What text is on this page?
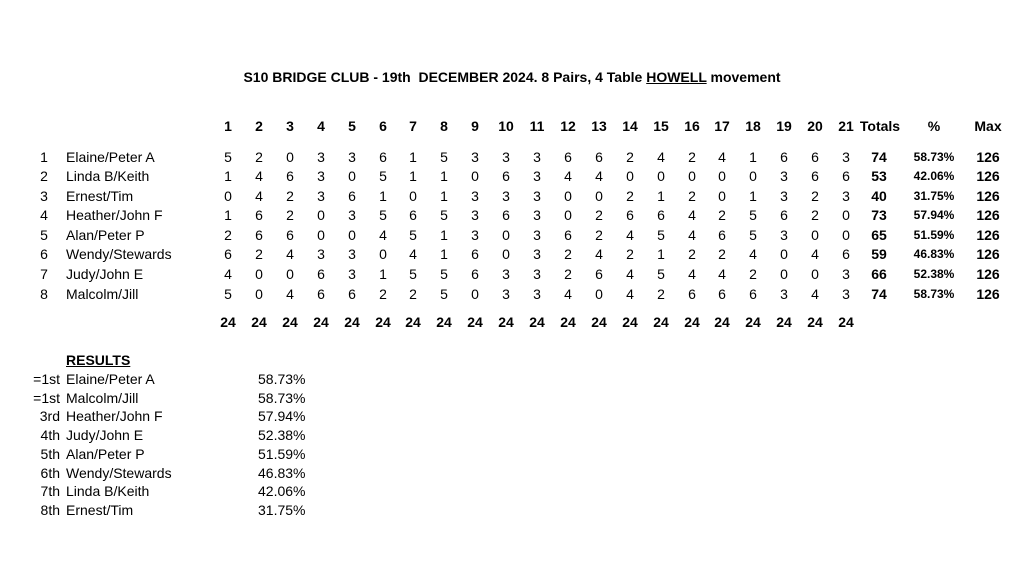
S10 BRIDGE CLUB - 19th  DECEMBER 2024. 8 Pairs, 4 Table HOWELL movement
1	2	3	4	5	6	7	8	9	10	11	12	13	14	15	16	17	18	19	20	21 Totals	%	Max
1	Elaine/Peter A	5	2	0	3	3	6	1	5	3	3	3	6	6	2	4	2	4	1	6	6	3	74	58.73%	126
2	Linda B/Keith	1	4	6	3	0	5	1	1	0	6	3	4	4	0	0	0	0	0	3	6	6	53	42.06%	126
3	Ernest/Tim	0	4	2	3	6	1	0	1	3	3	3	0	0	2	1	2	0	1	3	2	3	40	31.75%	126
4	Heather/John F	1	6	2	0	3	5	6	5	3	6	3	0	2	6	6	4	2	5	6	2	0	73	57.94%	126
5	Alan/Peter P	2	6	6	0	0	4	5	1	3	0	3	6	2	4	5	4	6	5	3	0	0	65	51.59%	126
6	Wendy/Stewards	6	2	4	3	3	0	4	1	6	0	3	2	4	2	1	2	2	4	0	4	6	59	46.83%	126
7	Judy/John E	4	0	0	6	3	1	5	5	6	3	3	2	6	4	5	4	4	2	0	0	3	66	52.38%	126
8	Malcolm/Jill	5	0	4	6	6	2	2	5	0	3	3	4	0	4	2	6	6	6	3	4	3	74	58.73%	126
24	24	24	24	24	24	24	24	24	24	24	24	24	24	24	24	24	24	24	24	24
RESULTS
=1st Elaine/Peter A	58.73%
=1st Malcolm/Jill	58.73%
3rd Heather/John F	57.94%
4th Judy/John E	52.38%
5th Alan/Peter P	51.59%
6th Wendy/Stewards	46.83%
7th Linda B/Keith	42.06%
8th Ernest/Tim	31.75%
